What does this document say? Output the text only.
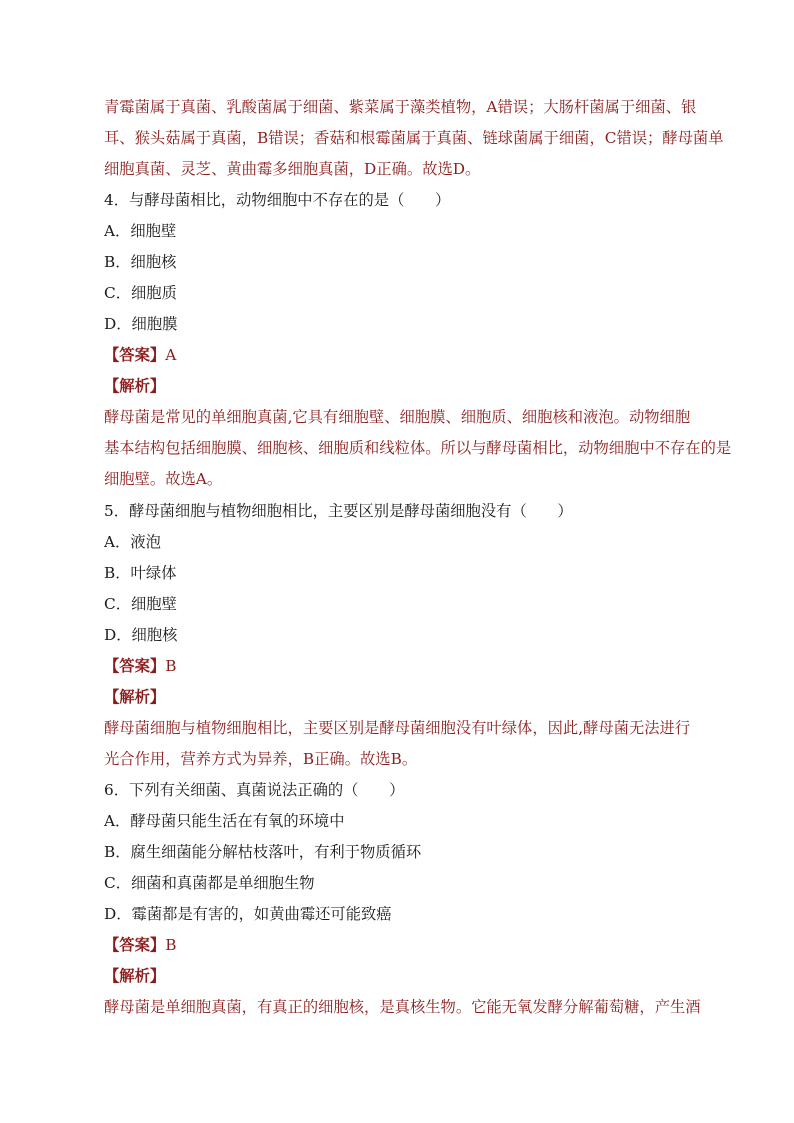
青霉菌属于真菌、乳酸菌属于细菌、紫菜属于藻类植物，A错误；大肠杆菌属于细菌、银
耳、猴头菇属于真菌，B错误；香菇和根霉菌属于真菌、链球菌属于细菌，C错误；酵母菌单
细胞真菌、灵芝、黄曲霉多细胞真菌，D正确。故选D。
4．与酵母菌相比，动物细胞中不存在的是（　　）
A．细胞壁
B．细胞核
C．细胞质
D．细胞膜
【答案】A
【解析】
酵母菌是常见的单细胞真菌,它具有细胞壁、细胞膜、细胞质、细胞核和液泡。动物细胞
基本结构包括细胞膜、细胞核、细胞质和线粒体。所以与酵母菌相比，动物细胞中不存在的是
细胞壁。故选A。
5．酵母菌细胞与植物细胞相比，主要区别是酵母菌细胞没有（　　）
A．液泡
B．叶绿体
C．细胞壁
D．细胞核
【答案】B
【解析】
酵母菌细胞与植物细胞相比，主要区别是酵母菌细胞没有叶绿体，因此,酵母菌无法进行
光合作用，营养方式为异养，B正确。故选B。
6．下列有关细菌、真菌说法正确的（　　）
A．酵母菌只能生活在有氧的环境中
B．腐生细菌能分解枯枝落叶，有利于物质循环
C．细菌和真菌都是单细胞生物
D．霉菌都是有害的，如黄曲霉还可能致癌
【答案】B
【解析】
酵母菌是单细胞真菌，有真正的细胞核，是真核生物。它能无氧发酵分解葡萄糖，产生酒
